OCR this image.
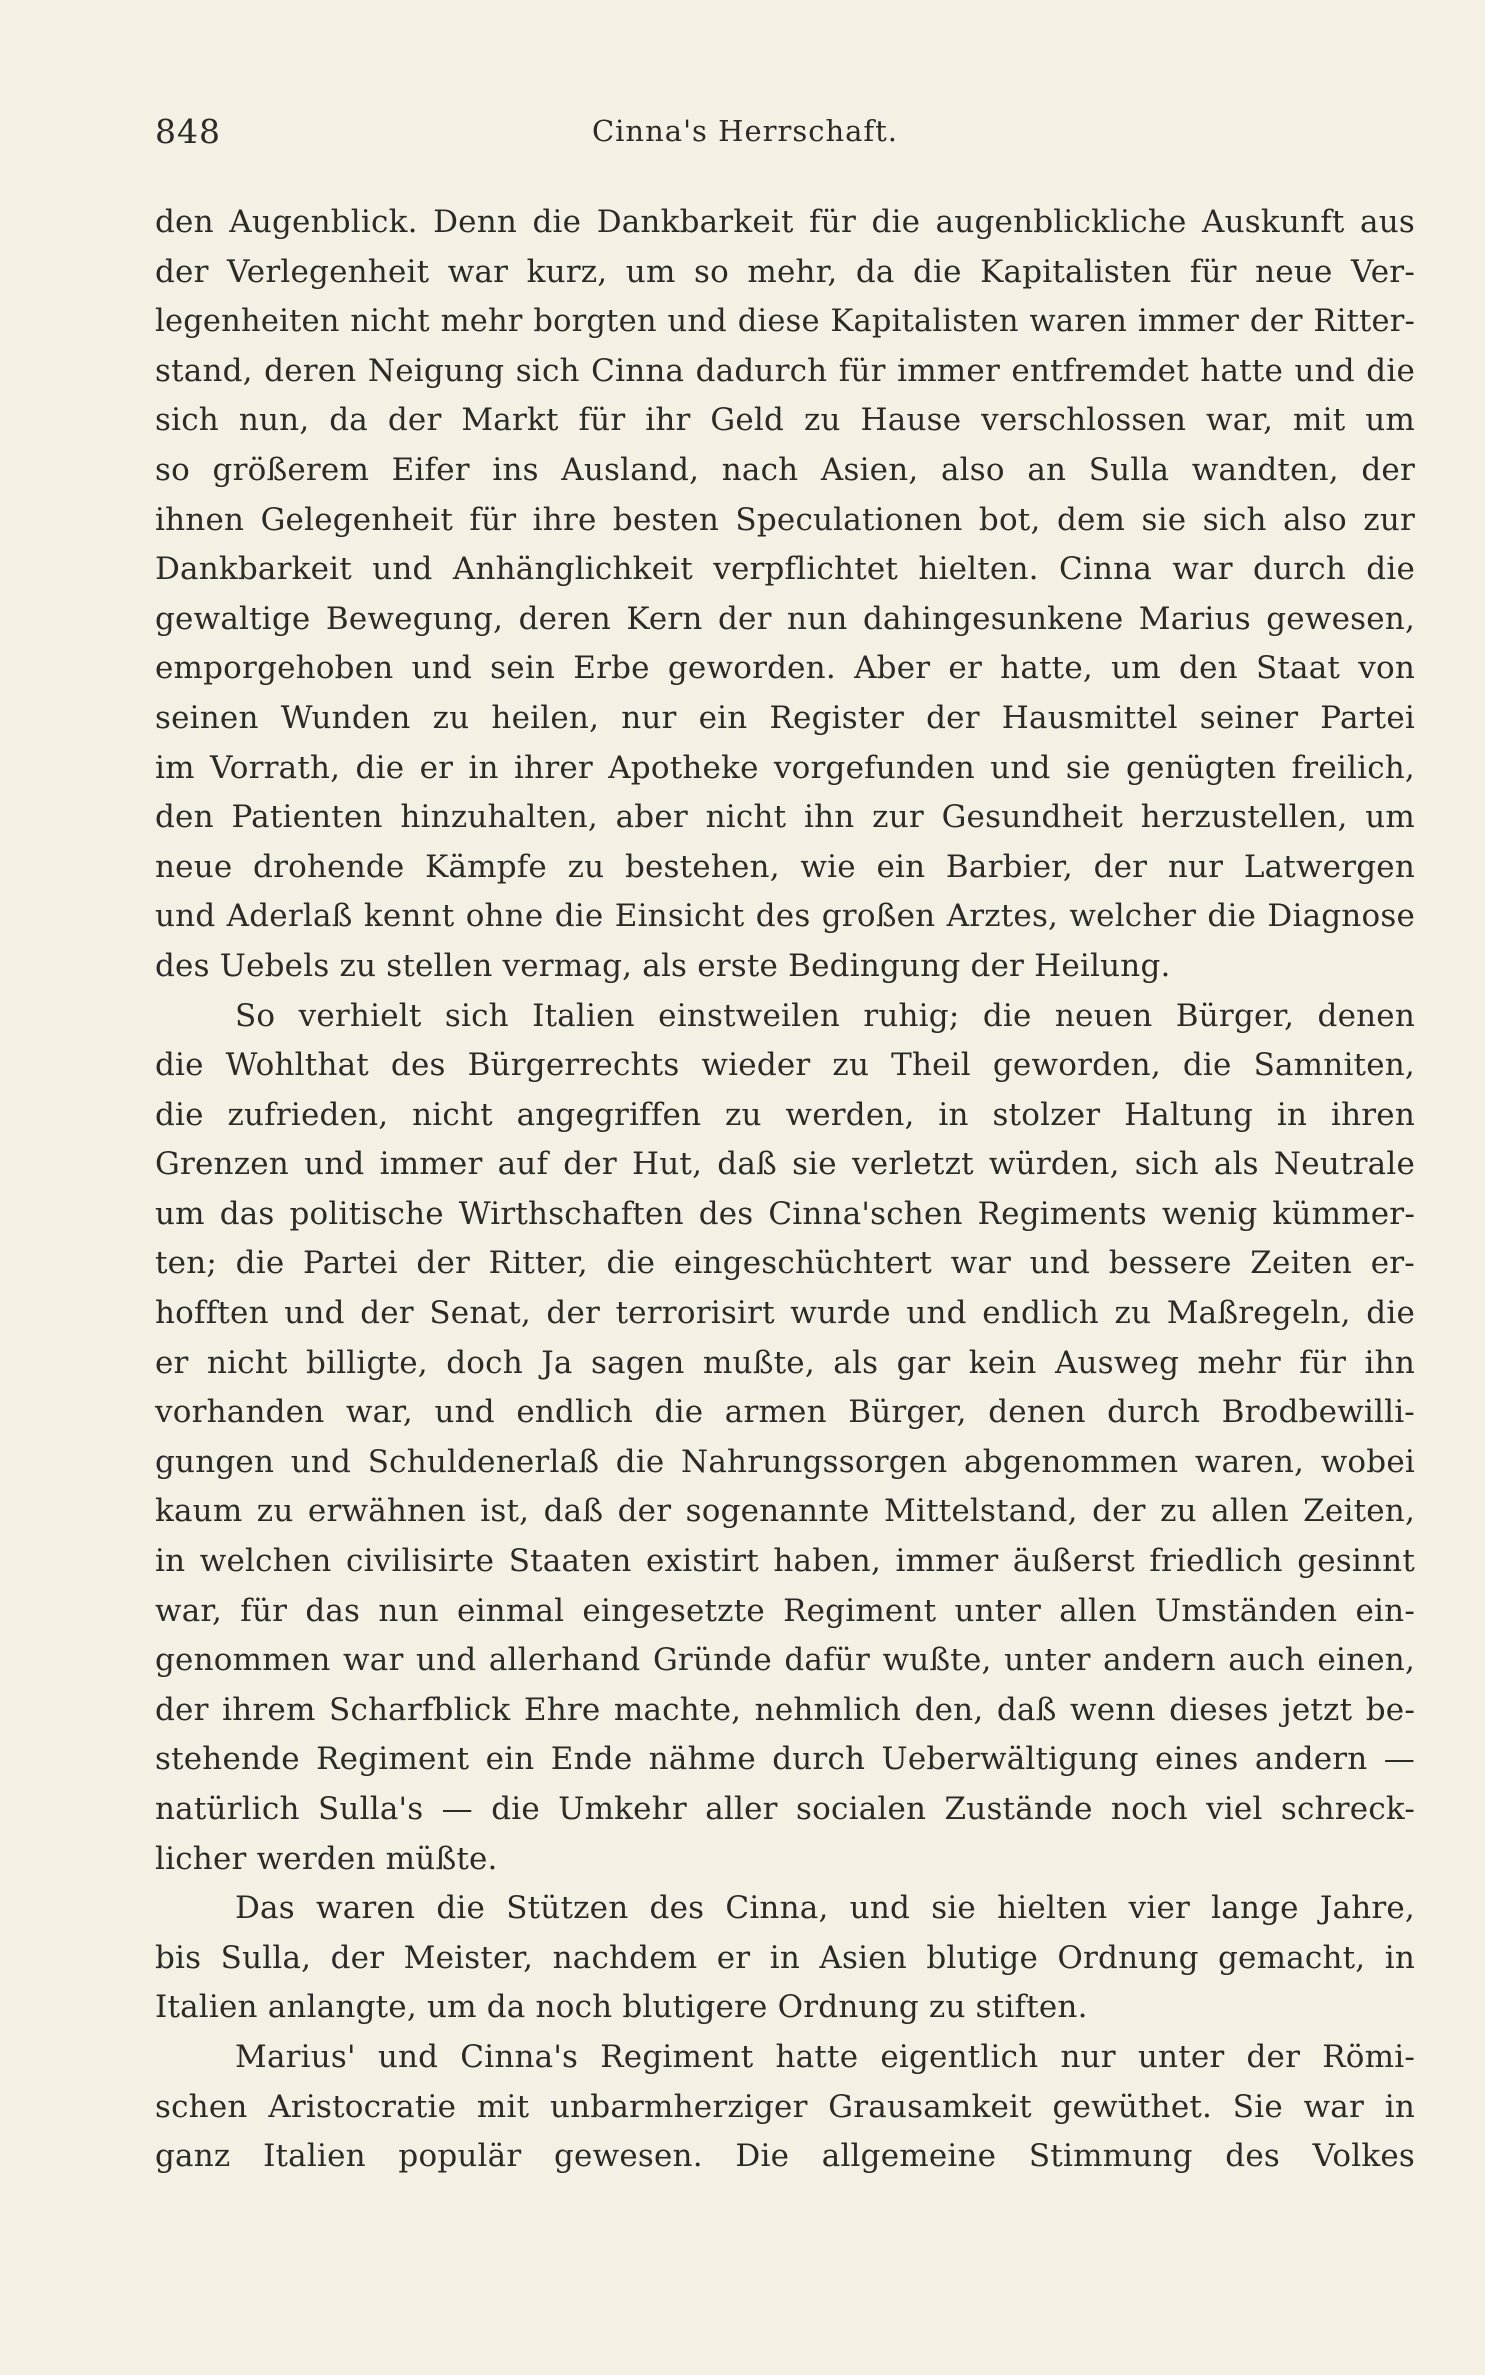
848	Cinna's Herrschaft.
den Augenblick. Denn die Dankbarkeit für die augenblickliche Auskunft aus
der Verlegenheit war kurz, um so mehr, da die Kapitalisten für neue Ver-
legenheiten nicht mehr borgten und diese Kapitalisten waren immer der Ritter-
stand, deren Neigung sich Cinna dadurch für immer entfremdet hatte und die
sich nun, da der Markt für ihr Geld zu Hause verschlossen war, mit um
so größerem Eifer ins Ausland, nach Asien, also an Sulla wandten, der
ihnen Gelegenheit für ihre besten Speculationen bot, dem sie sich also zur
Dankbarkeit und Anhänglichkeit verpflichtet hielten. Cinna war durch die
gewaltige Bewegung, deren Kern der nun dahingesunkene Marius gewesen,
emporgehoben und sein Erbe geworden. Aber er hatte, um den Staat von
seinen Wunden zu heilen, nur ein Register der Hausmittel seiner Partei
im Vorrath, die er in ihrer Apotheke vorgefunden und sie genügten freilich,
den Patienten hinzuhalten, aber nicht ihn zur Gesundheit herzustellen, um
neue drohende Kämpfe zu bestehen, wie ein Barbier, der nur Latwergen
und Aderlaß kennt ohne die Einsicht des großen Arztes, welcher die Diagnose
des Uebels zu stellen vermag, als erste Bedingung der Heilung.
So verhielt sich Italien einstweilen ruhig; die neuen Bürger, denen
die Wohlthat des Bürgerrechts wieder zu Theil geworden, die Samniten,
die zufrieden, nicht angegriffen zu werden, in stolzer Haltung in ihren
Grenzen und immer auf der Hut, daß sie verletzt würden, sich als Neutrale
um das politische Wirthschaften des Cinna'schen Regiments wenig kümmer-
ten; die Partei der Ritter, die eingeschüchtert war und bessere Zeiten er-
hofften und der Senat, der terrorisirt wurde und endlich zu Maßregeln, die
er nicht billigte, doch Ja sagen mußte, als gar kein Ausweg mehr für ihn
vorhanden war, und endlich die armen Bürger, denen durch Brodbewilli-
gungen und Schuldenerlaß die Nahrungssorgen abgenommen waren, wobei
kaum zu erwähnen ist, daß der sogenannte Mittelstand, der zu allen Zeiten,
in welchen civilisirte Staaten existirt haben, immer äußerst friedlich gesinnt
war, für das nun einmal eingesetzte Regiment unter allen Umständen ein-
genommen war und allerhand Gründe dafür wußte, unter andern auch einen,
der ihrem Scharfblick Ehre machte, nehmlich den, daß wenn dieses jetzt be-
stehende Regiment ein Ende nähme durch Ueberwältigung eines andern —
natürlich Sulla's — die Umkehr aller socialen Zustände noch viel schreck-
licher werden müßte.
Das waren die Stützen des Cinna, und sie hielten vier lange Jahre,
bis Sulla, der Meister, nachdem er in Asien blutige Ordnung gemacht, in
Italien anlangte, um da noch blutigere Ordnung zu stiften.
Marius' und Cinna's Regiment hatte eigentlich nur unter der Römi-
schen Aristocratie mit unbarmherziger Grausamkeit gewüthet. Sie war in
ganz Italien populär gewesen. Die allgemeine Stimmung des Volkes
